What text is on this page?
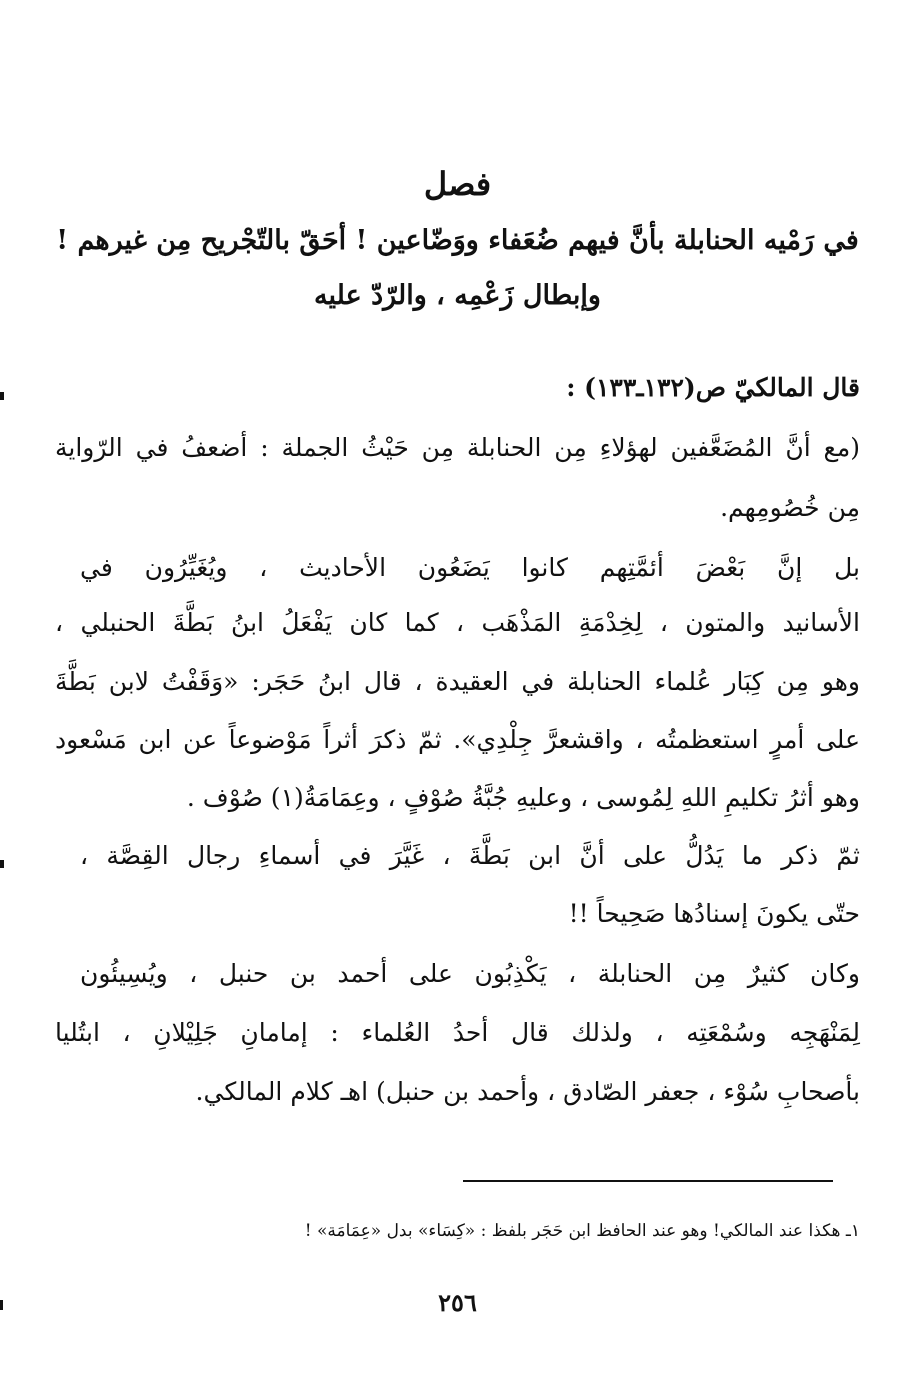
فصل
في رَمْيه الحنابلة بأنَّ فيهم ضُعَفاء ووَضّاعين ! أحَقّ بالتّجْريح مِن غيرهم !
وإبطال زَعْمِه ، والرّدّ عليه
قال المالكيّ ص(١٣٢ـ١٣٣) :
(مع أنَّ المُضَعَّفين لهؤلاءِ مِن الحنابلة مِن حَيْثُ الجملة : أضعفُ في الرّواية
مِن خُصُومِهم.
بل إنَّ بَعْضَ أئمَّتِهم كانوا يَضَعُون الأحاديث ، ويُغَيِّرُون في
الأسانيد والمتون ، لِخِدْمَةِ المَذْهَب ، كما كان يَفْعَلُ ابنُ بَطَّةَ الحنبلي ،
وهو مِن كِبَار عُلماء الحنابلة في العقيدة ، قال ابنُ حَجَر: «وَقَفْتُ لابن بَطَّةَ
على أمرٍ استعظمتُه ، واقشعرَّ جِلْدِي». ثمّ ذكرَ أثراً مَوْضوعاً عن ابن مَسْعود
وهو أثرُ تكليمِ اللهِ لِمُوسى ، وعليهِ جُبَّةُ صُوْفٍ ، وعِمَامَةُ(١) صُوْف .
ثمّ ذكر ما يَدُلُّ على أنَّ ابن بَطَّةَ ، غَيَّرَ في أسماءِ رجال القِصَّة ،
حتّى يكونَ إسنادُها صَحِيحاً !!
وكان كثيرٌ مِن الحنابلة ، يَكْذِبُون على أحمد بن حنبل ، ويُسِيئُون
لِمَنْهَجِه وسُمْعَتِه ، ولذلك قال أحدُ العُلماء : إمامانِ جَلِيْلانِ ، ابتُليا
بأصحابِ سُوْء ، جعفر الصّادق ، وأحمد بن حنبل) اهـ كلام المالكي.
١ـ هكذا عند المالكي! وهو عند الحافظ ابن حَجَر بلفظ : «كِسَاء» بدل «عِمَامَة» !
٢٥٦
